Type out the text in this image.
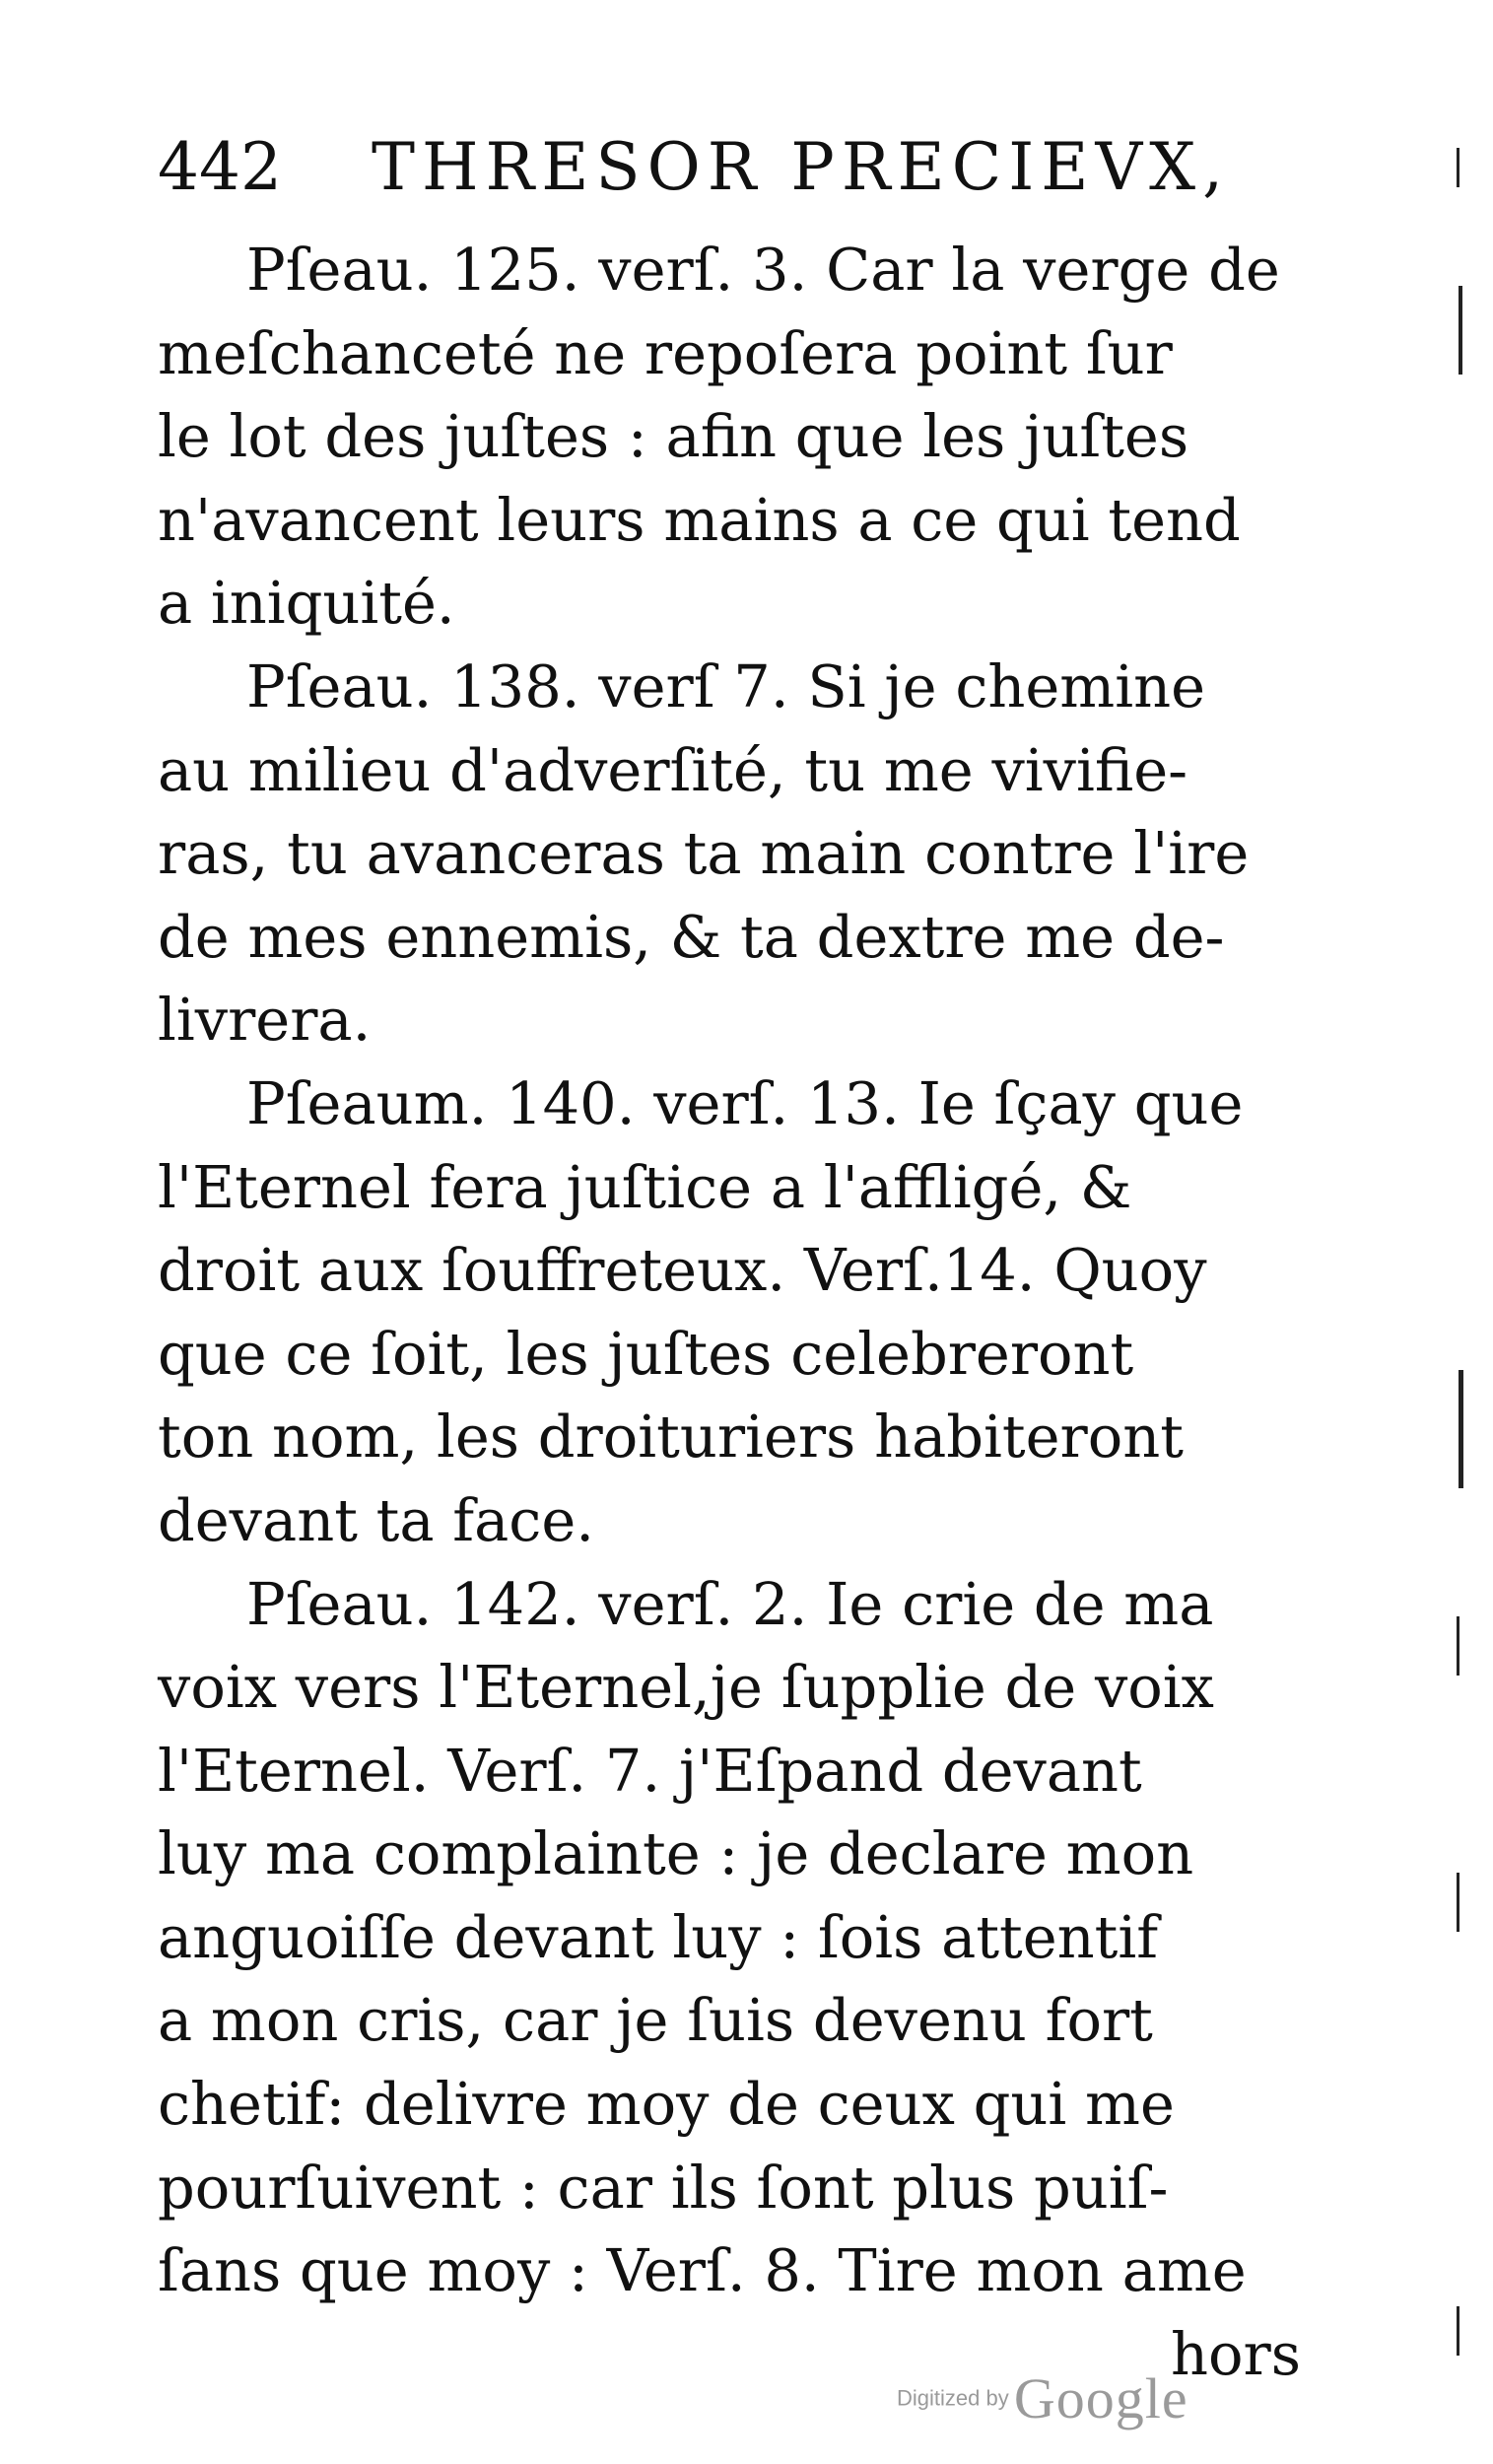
442 THRESOR PRECIEVX,
Pſeau. 125. verſ. 3. Car la verge de
meſchanceté ne repoſera point ſur
le lot des juſtes : afin que les juſtes
n'avancent leurs mains a ce qui tend
a iniquité.
Pſeau. 138. verſ 7. Si je chemine
au milieu d'adverſité, tu me vivifie-
ras, tu avanceras ta main contre l'ire
de mes ennemis, & ta dextre me de-
livrera.
Pſeaum. 140. verſ. 13. Ie ſçay que
l'Eternel fera juſtice a l'affligé, &
droit aux ſouffreteux. Verſ.14. Quoy
que ce ſoit, les juſtes celebreront
ton nom, les droituriers habiteront
devant ta face.
Pſeau. 142. verſ. 2. Ie crie de ma
voix vers l'Eternel,je ſupplie de voix
l'Eternel. Verſ. 7. j'Eſpand devant
luy ma complainte : je declare mon
anguoiſſe devant luy : ſois attentif
a mon cris, car je ſuis devenu fort
chetif: delivre moy de ceux qui me
pourſuivent : car ils ſont plus puiſ-
ſans que moy : Verſ. 8. Tire mon ame
hors
Digitized by Google
